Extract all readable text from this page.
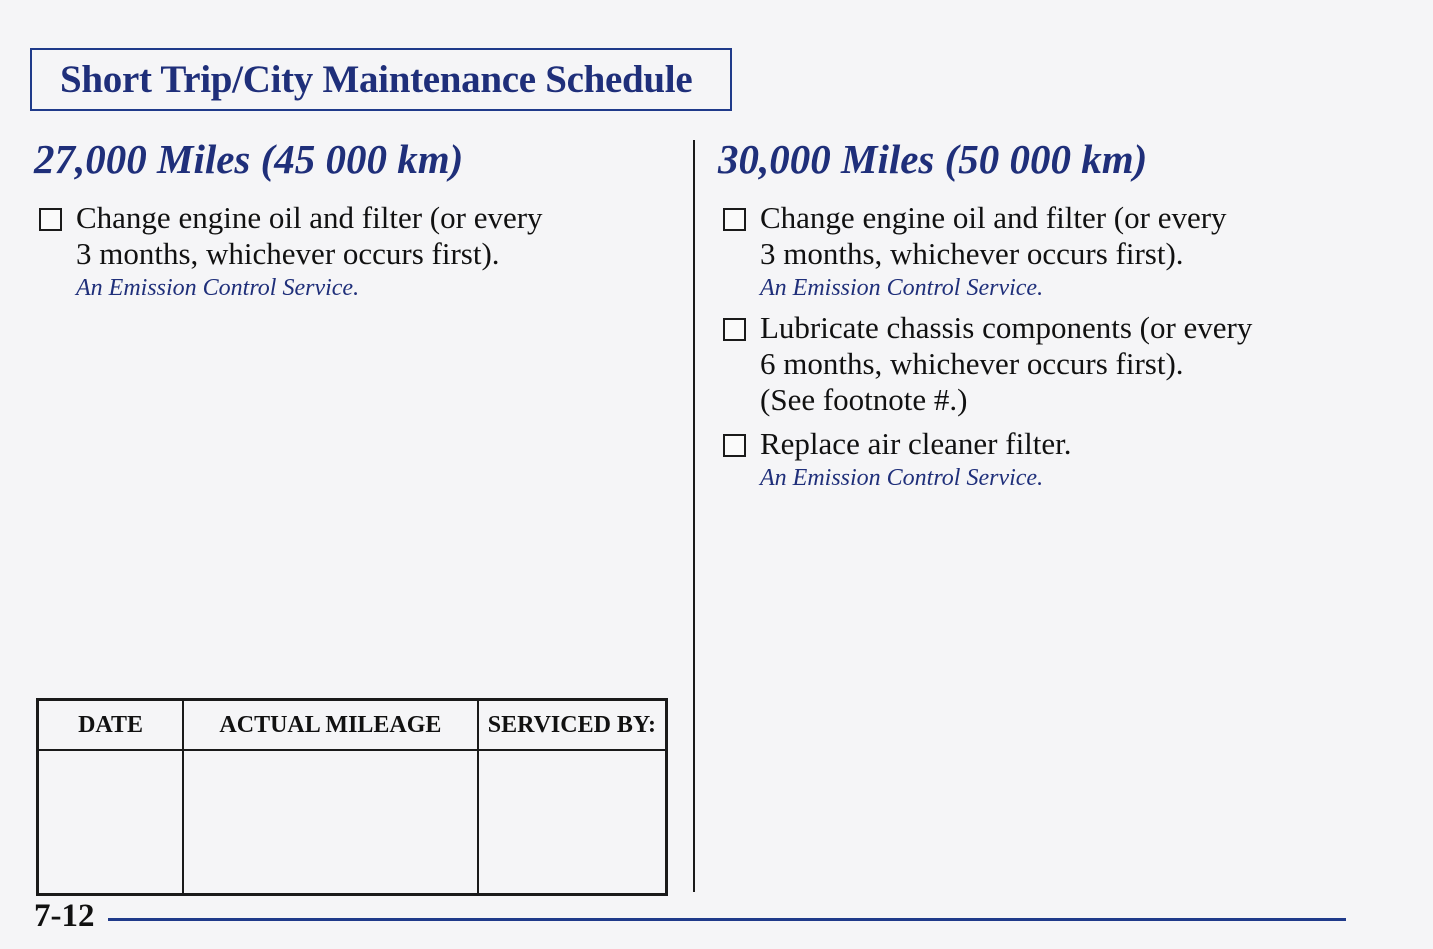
Short Trip/City Maintenance Schedule
27,000 Miles (45 000 km)

Change engine oil and filter (or every
3 months, whichever occurs first).

An Emission Control Service.

30,000 Miles (50 000 km)

Change engine oil and filter (or every
3 months, whichever occurs first).

An Emission Control Service.

Lubricate chassis components (or every
6 months, whichever occurs first).
(See footnote #.)

Replace air cleaner filter.

An Emission Control Service.

DATE	ACTUAL MILEAGE	SERVICED BY:

7-12
